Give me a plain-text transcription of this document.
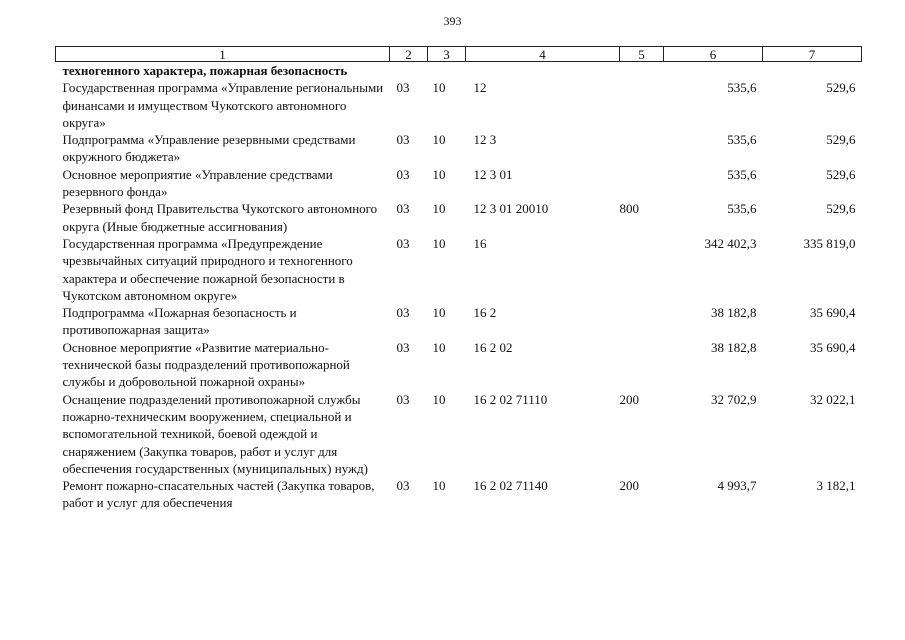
393
1	2	3	4	5	6	7
техногенного характера, пожарная безопасность						
Государственная программа «Управление региональными финансами и имуществом Чукотского автономного округа»	03	10	12		535,6	529,6
Подпрограмма «Управление резервными средствами окружного бюджета»	03	10	12 3		535,6	529,6
Основное мероприятие «Управление средствами резервного фонда»	03	10	12 3 01		535,6	529,6
Резервный фонд Правительства Чукотского автономного округа (Иные бюджетные ассигнования)	03	10	12 3 01 20010	800	535,6	529,6
Государственная программа «Предупреждение чрезвычайных ситуаций природного и техногенного характера и обеспечение пожарной безопасности в Чукотском автономном округе»	03	10	16		342 402,3	335 819,0
Подпрограмма «Пожарная безопасность и противопожарная защита»	03	10	16 2		38 182,8	35 690,4
Основное мероприятие «Развитие материально-технической базы подразделений противопожарной службы и добровольной пожарной охраны»	03	10	16 2 02		38 182,8	35 690,4
Оснащение подразделений противопожарной службы пожарно-техническим вооружением, специальной и вспомогательной техникой, боевой одеждой и снаряжением (Закупка товаров, работ и услуг для обеспечения государственных (муниципальных) нужд)	03	10	16 2 02 71110	200	32 702,9	32 022,1
Ремонт пожарно-спасательных частей (Закупка товаров, работ и услуг для обеспечения	03	10	16 2 02 71140	200	4 993,7	3 182,1
